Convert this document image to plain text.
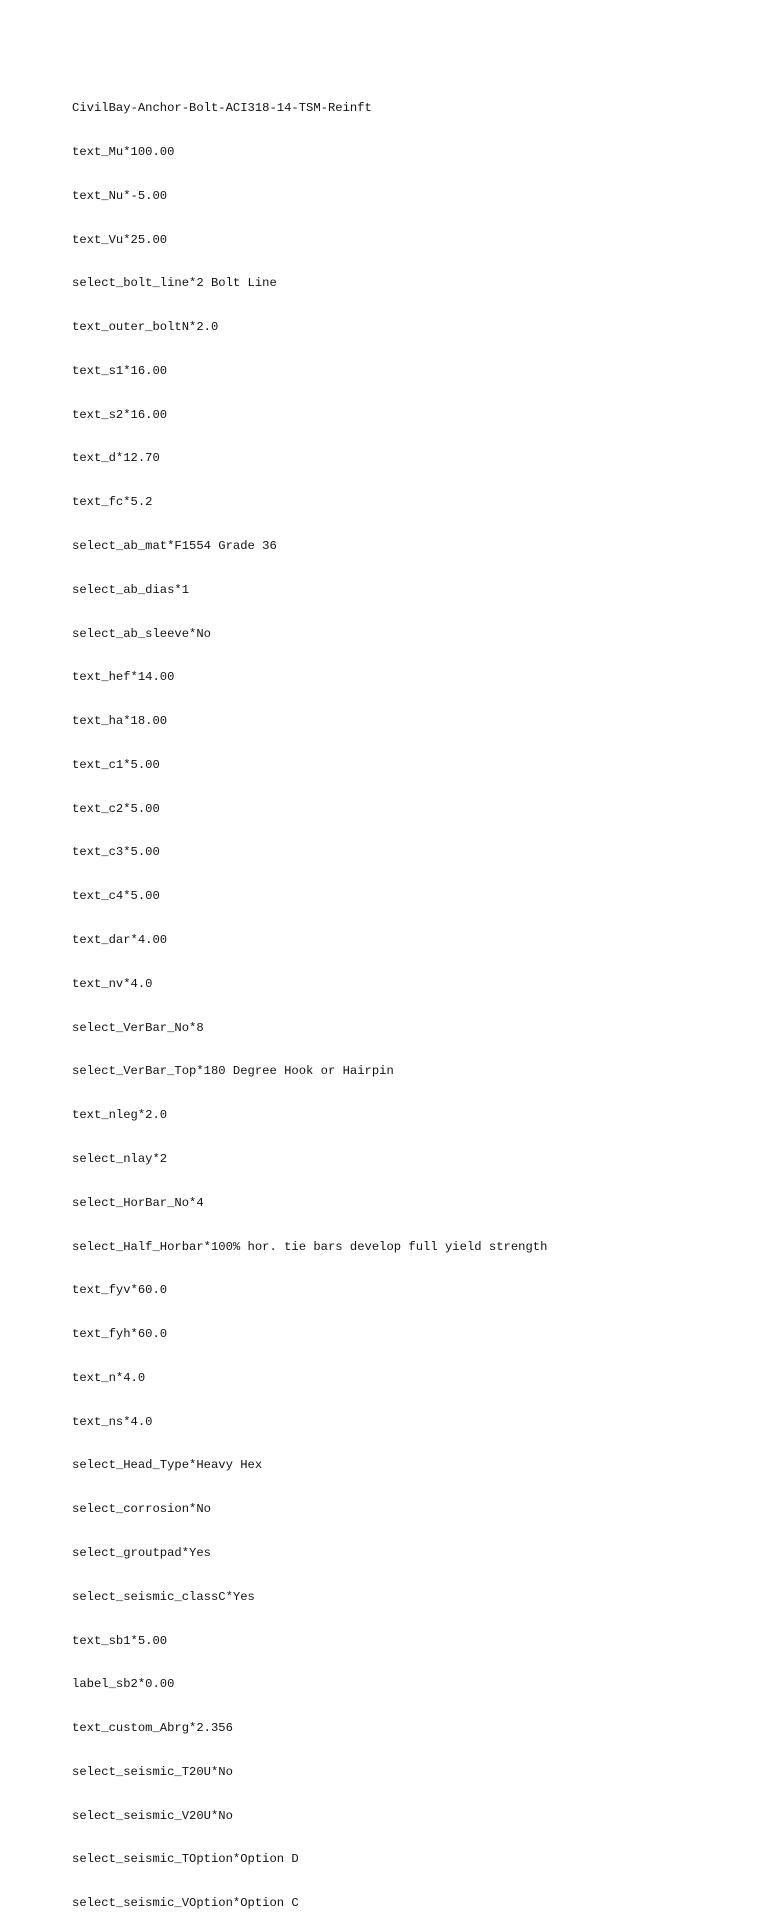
CivilBay-Anchor-Bolt-ACI318-14-TSM-Reinft

text_Mu*100.00

text_Nu*-5.00

text_Vu*25.00

select_bolt_line*2 Bolt Line

text_outer_boltN*2.0

text_s1*16.00

text_s2*16.00

text_d*12.70

text_fc*5.2

select_ab_mat*F1554 Grade 36

select_ab_dias*1

select_ab_sleeve*No

text_hef*14.00

text_ha*18.00

text_c1*5.00

text_c2*5.00

text_c3*5.00

text_c4*5.00

text_dar*4.00

text_nv*4.0

select_VerBar_No*8

select_VerBar_Top*180 Degree Hook or Hairpin

text_nleg*2.0

select_nlay*2

select_HorBar_No*4

select_Half_Horbar*100% hor. tie bars develop full yield strength

text_fyv*60.0

text_fyh*60.0

text_n*4.0

text_ns*4.0

select_Head_Type*Heavy Hex

select_corrosion*No

select_groutpad*Yes

select_seismic_classC*Yes

text_sb1*5.00

label_sb2*0.00

text_custom_Abrg*2.356

select_seismic_T20U*No

select_seismic_V20U*No

select_seismic_TOption*Option D

select_seismic_VOption*Option C
